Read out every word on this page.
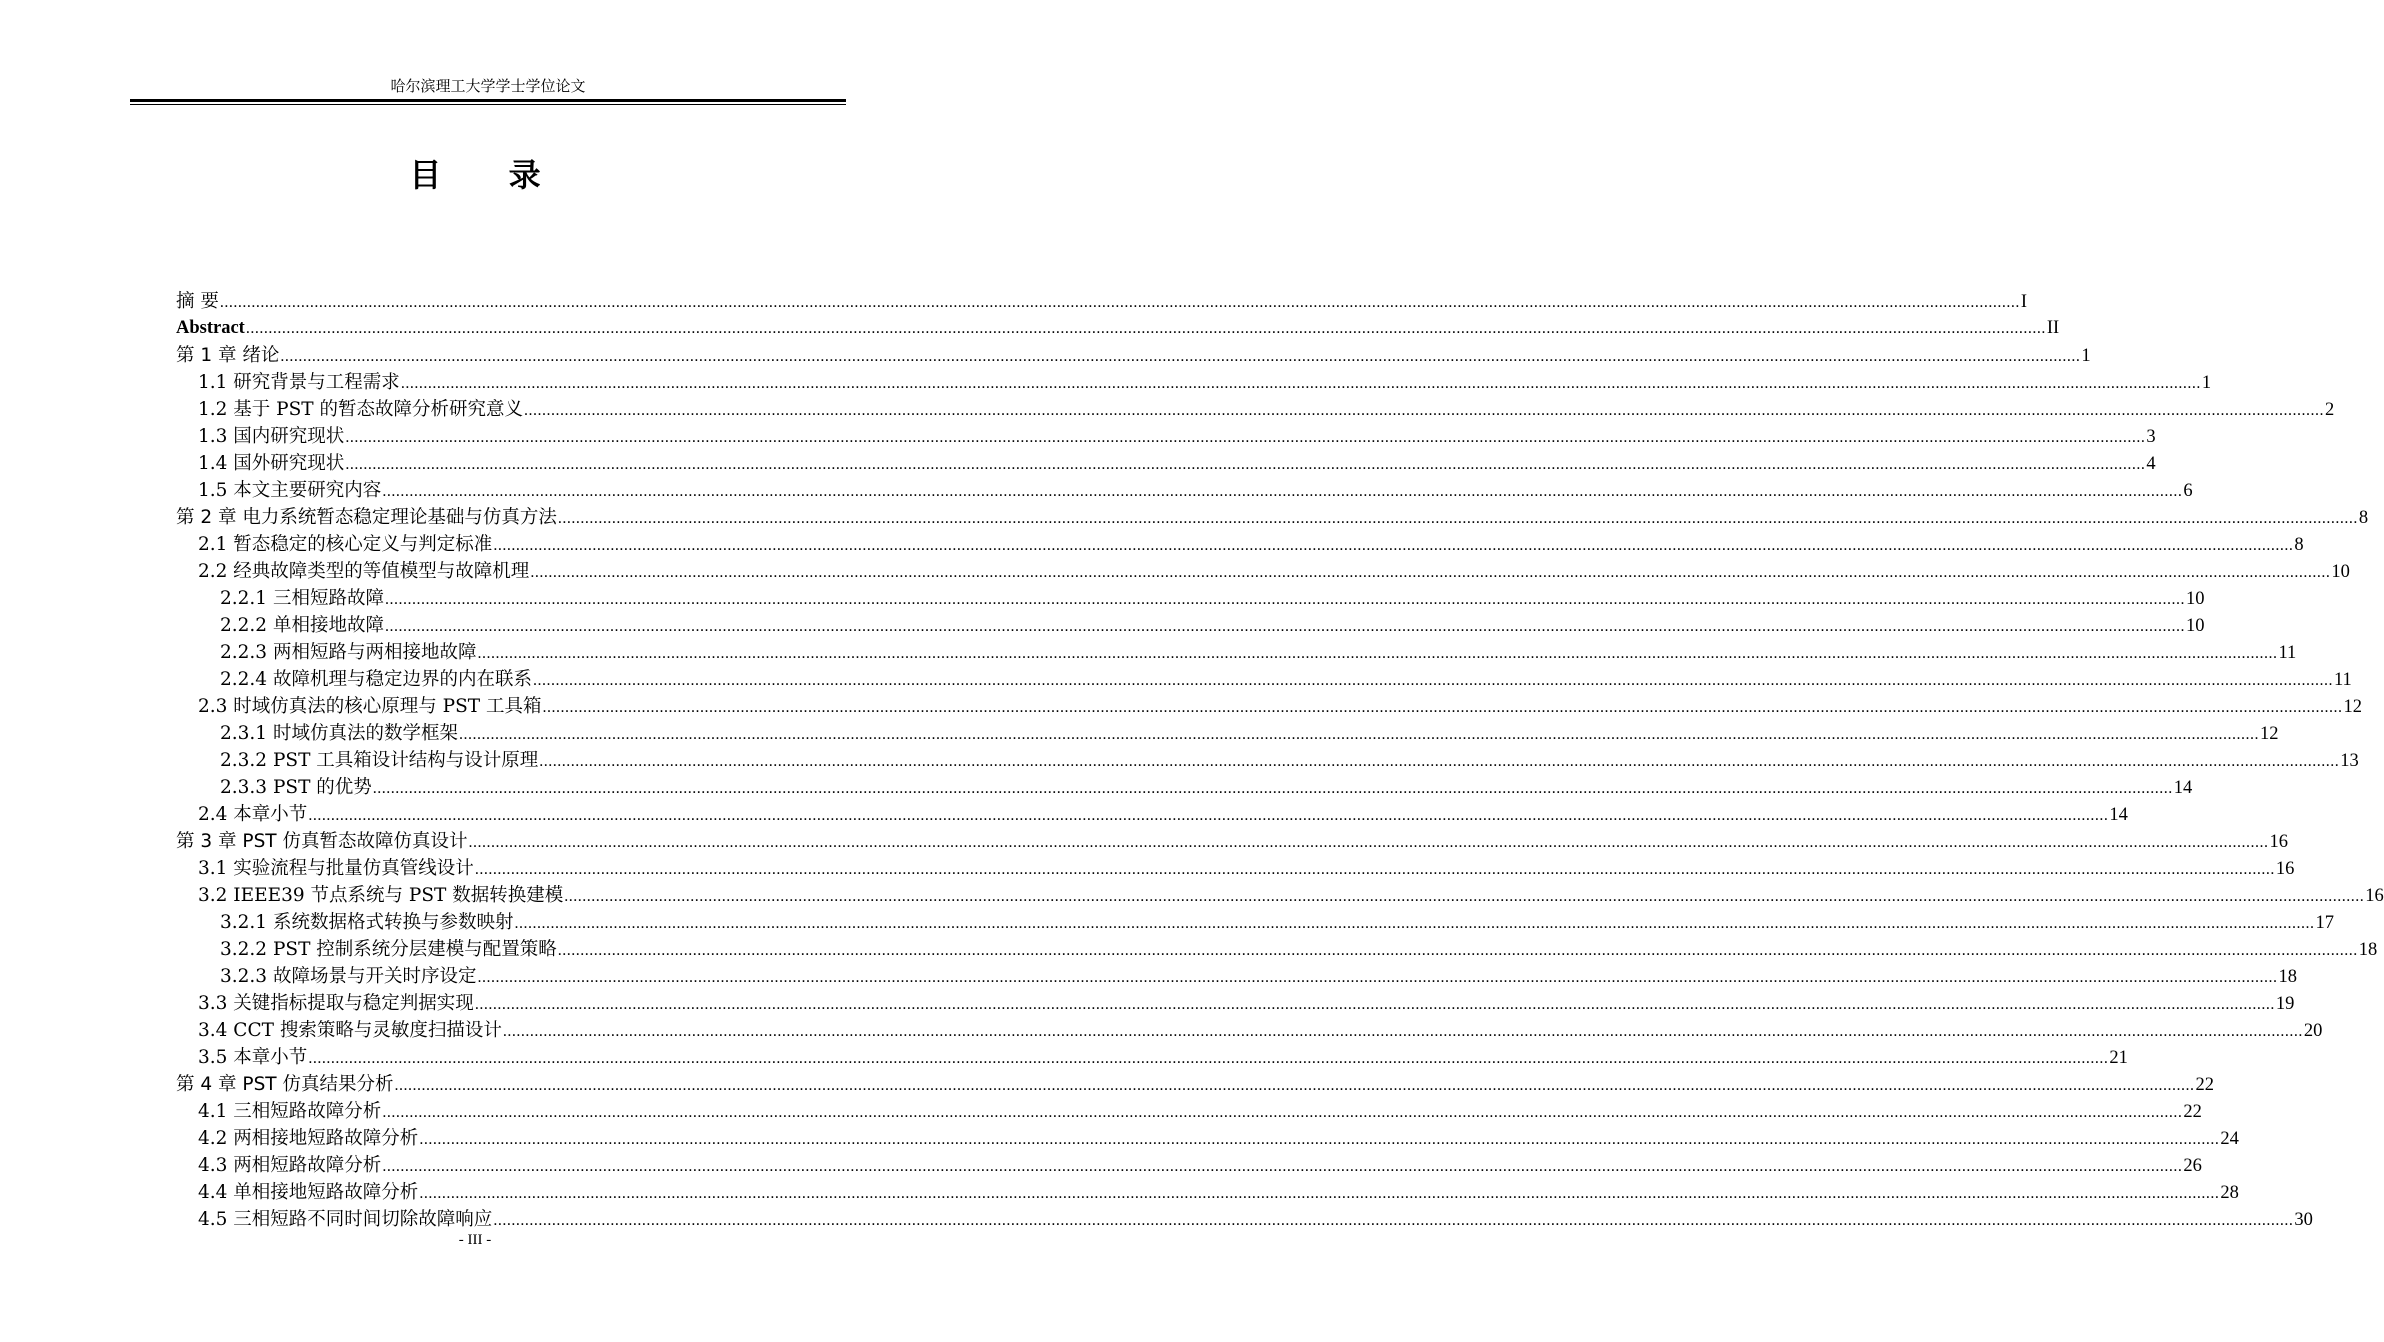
哈尔滨理工大学学士学位论文
目 录
摘 要 ................................................................................................................................................................................................................................................................................................................................................................................................................ I
Abstract ................................................................................................................................................................................................................................................................................................................................................................................................................ II
第 1 章 绪论 ................................................................................................................................................................................................................................................................................................................................................................................................................ 1
1.1 研究背景与工程需求 ................................................................................................................................................................................................................................................................................................................................................................................................................ 1
1.2 基于 PST 的暂态故障分析研究意义 ................................................................................................................................................................................................................................................................................................................................................................................................................ 2
1.3 国内研究现状 ................................................................................................................................................................................................................................................................................................................................................................................................................ 3
1.4 国外研究现状 ................................................................................................................................................................................................................................................................................................................................................................................................................ 4
1.5 本文主要研究内容 ................................................................................................................................................................................................................................................................................................................................................................................................................ 6
第 2 章 电力系统暂态稳定理论基础与仿真方法 ................................................................................................................................................................................................................................................................................................................................................................................................................ 8
2.1 暂态稳定的核心定义与判定标准 ................................................................................................................................................................................................................................................................................................................................................................................................................ 8
2.2 经典故障类型的等值模型与故障机理 ................................................................................................................................................................................................................................................................................................................................................................................................................ 10
2.2.1 三相短路故障 ................................................................................................................................................................................................................................................................................................................................................................................................................ 10
2.2.2 单相接地故障 ................................................................................................................................................................................................................................................................................................................................................................................................................ 10
2.2.3 两相短路与两相接地故障 ................................................................................................................................................................................................................................................................................................................................................................................................................ 11
2.2.4 故障机理与稳定边界的内在联系 ................................................................................................................................................................................................................................................................................................................................................................................................................ 11
2.3 时域仿真法的核心原理与 PST 工具箱 ................................................................................................................................................................................................................................................................................................................................................................................................................ 12
2.3.1 时域仿真法的数学框架 ................................................................................................................................................................................................................................................................................................................................................................................................................ 12
2.3.2 PST 工具箱设计结构与设计原理 ................................................................................................................................................................................................................................................................................................................................................................................................................ 13
2.3.3 PST 的优势 ................................................................................................................................................................................................................................................................................................................................................................................................................ 14
2.4 本章小节 ................................................................................................................................................................................................................................................................................................................................................................................................................ 14
第 3 章 PST 仿真暂态故障仿真设计 ................................................................................................................................................................................................................................................................................................................................................................................................................ 16
3.1 实验流程与批量仿真管线设计 ................................................................................................................................................................................................................................................................................................................................................................................................................ 16
3.2 IEEE39 节点系统与 PST 数据转换建模 ................................................................................................................................................................................................................................................................................................................................................................................................................ 16
3.2.1 系统数据格式转换与参数映射 ................................................................................................................................................................................................................................................................................................................................................................................................................ 17
3.2.2 PST 控制系统分层建模与配置策略 ................................................................................................................................................................................................................................................................................................................................................................................................................ 18
3.2.3 故障场景与开关时序设定 ................................................................................................................................................................................................................................................................................................................................................................................................................ 18
3.3 关键指标提取与稳定判据实现 ................................................................................................................................................................................................................................................................................................................................................................................................................ 19
3.4 CCT 搜索策略与灵敏度扫描设计 ................................................................................................................................................................................................................................................................................................................................................................................................................ 20
3.5 本章小节 ................................................................................................................................................................................................................................................................................................................................................................................................................ 21
第 4 章 PST 仿真结果分析 ................................................................................................................................................................................................................................................................................................................................................................................................................ 22
4.1 三相短路故障分析 ................................................................................................................................................................................................................................................................................................................................................................................................................ 22
4.2 两相接地短路故障分析 ................................................................................................................................................................................................................................................................................................................................................................................................................ 24
4.3 两相短路故障分析 ................................................................................................................................................................................................................................................................................................................................................................................................................ 26
4.4 单相接地短路故障分析 ................................................................................................................................................................................................................................................................................................................................................................................................................ 28
4.5 三相短路不同时间切除故障响应 ................................................................................................................................................................................................................................................................................................................................................................................................................ 30
- III -
